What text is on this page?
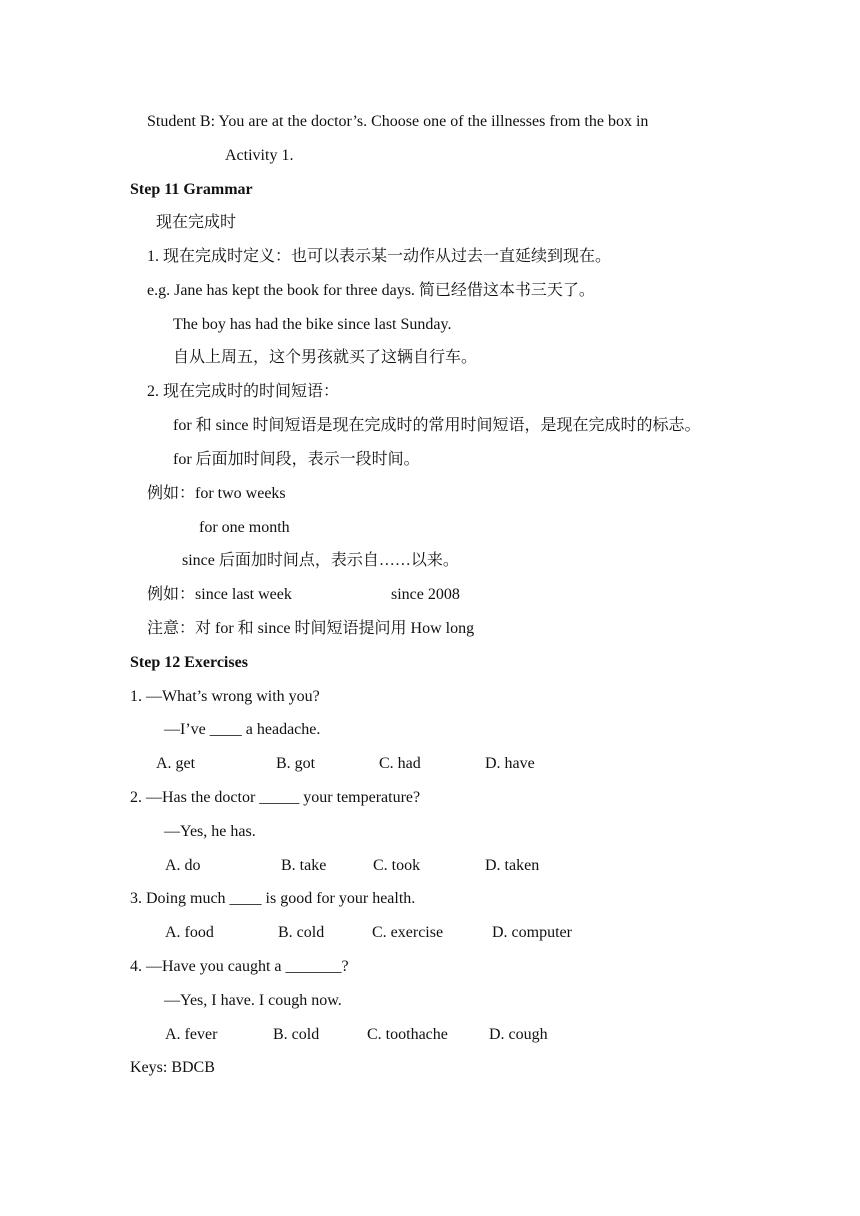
Student B: You are at the doctor’s. Choose one of the illnesses from the box in
Activity 1.
Step 11 Grammar
现在完成时
1. 现在完成时定义：也可以表示某一动作从过去一直延续到现在。
e.g. Jane has kept the book for three days. 简已经借这本书三天了。
The boy has had the bike since last Sunday.
自从上周五，这个男孩就买了这辆自行车。
2. 现在完成时的时间短语：
for 和 since 时间短语是现在完成时的常用时间短语，是现在完成时的标志。
for 后面加时间段，表示一段时间。
例如：for two weeks
for one month
since 后面加时间点，表示自……以来。
例如：since last week	since 2008
注意：对 for 和 since 时间短语提问用 How long
Step 12 Exercises
1. —What’s wrong with you?
—I’ve ____ a headache.
A. get	B. got	C. had	D. have
2. —Has the doctor _____ your temperature?
—Yes, he has.
A. do	B. take	C. took	D. taken
3. Doing much ____ is good for your health.
A. food	B. cold	C. exercise	D. computer
4. —Have you caught a _______?
—Yes, I have. I cough now.
A. fever	B. cold	C. toothache	D. cough
Keys: BDCB
